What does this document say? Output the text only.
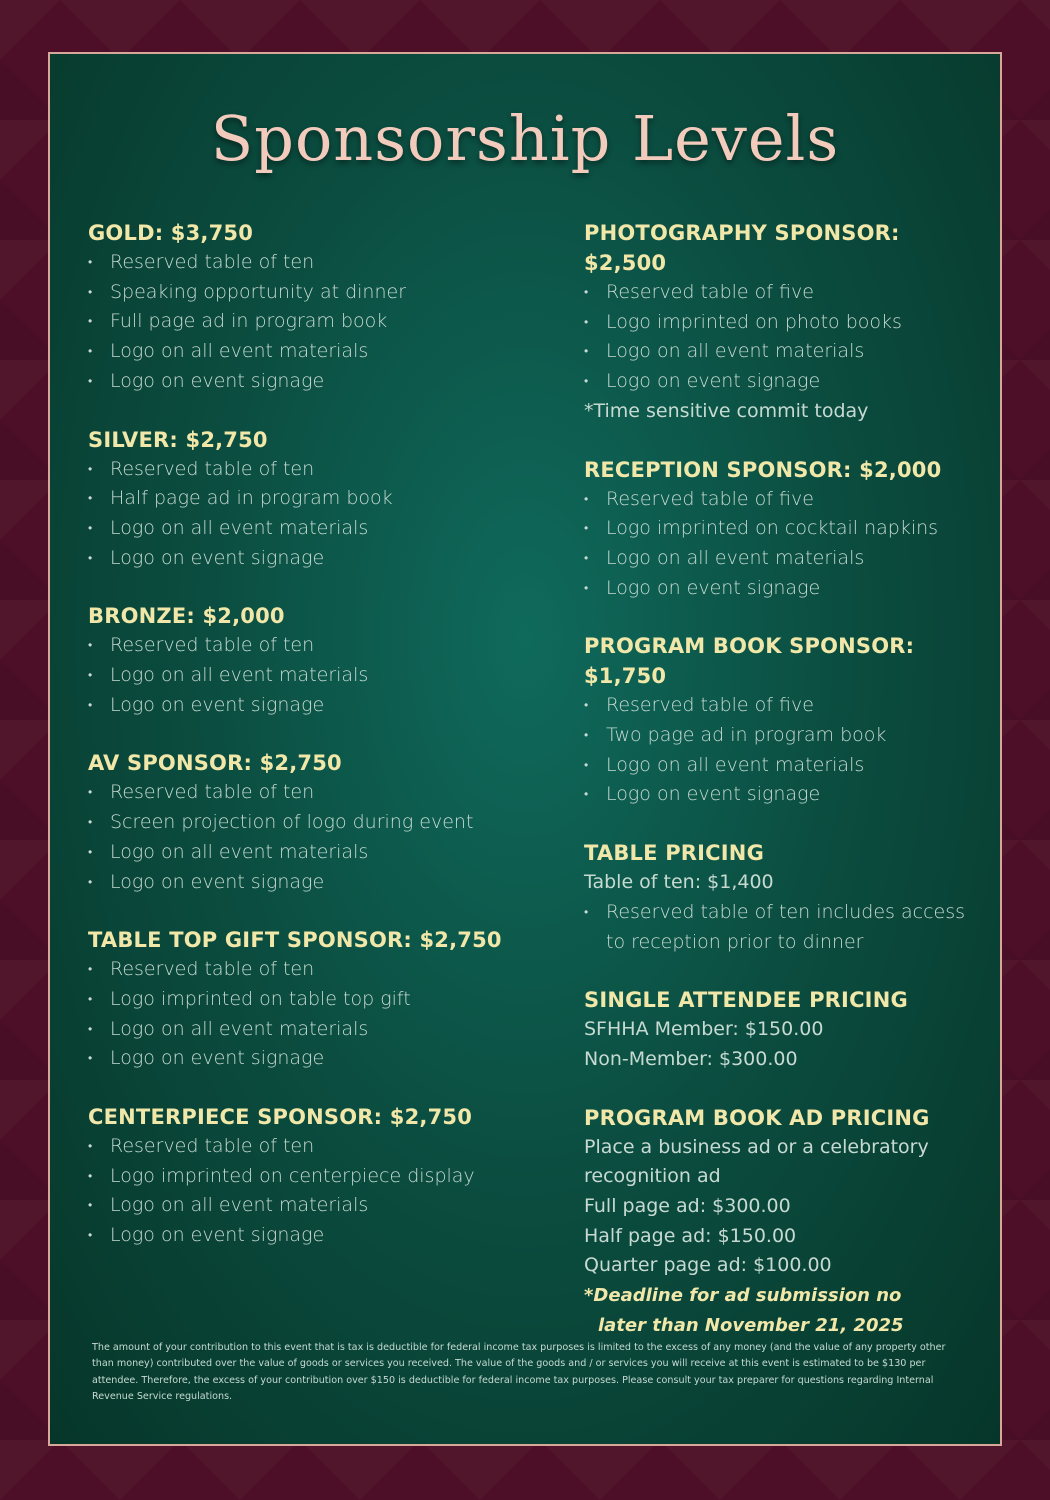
Sponsorship Levels
GOLD: $3,750
• Reserved table of ten
• Speaking opportunity at dinner
• Full page ad in program book
• Logo on all event materials
• Logo on event signage
SILVER: $2,750
• Reserved table of ten
• Half page ad in program book
• Logo on all event materials
• Logo on event signage
BRONZE: $2,000
• Reserved table of ten
• Logo on all event materials
• Logo on event signage
AV SPONSOR: $2,750
• Reserved table of ten
• Screen projection of logo during event
• Logo on all event materials
• Logo on event signage
TABLE TOP GIFT SPONSOR: $2,750
• Reserved table of ten
• Logo imprinted on table top gift
• Logo on all event materials
• Logo on event signage
CENTERPIECE SPONSOR: $2,750
• Reserved table of ten
• Logo imprinted on centerpiece display
• Logo on all event materials
• Logo on event signage
PHOTOGRAPHY SPONSOR: $2,500
• Reserved table of five
• Logo imprinted on photo books
• Logo on all event materials
• Logo on event signage
*Time sensitive commit today
RECEPTION SPONSOR: $2,000
• Reserved table of five
• Logo imprinted on cocktail napkins
• Logo on all event materials
• Logo on event signage
PROGRAM BOOK SPONSOR: $1,750
• Reserved table of five
• Two page ad in program book
• Logo on all event materials
• Logo on event signage
TABLE PRICING
Table of ten: $1,400
• Reserved table of ten includes access to reception prior to dinner
SINGLE ATTENDEE PRICING
SFHHA Member: $150.00
Non-Member: $300.00
PROGRAM BOOK AD PRICING
Place a business ad or a celebratory recognition ad
Full page ad: $300.00
Half page ad: $150.00
Quarter page ad: $100.00
*Deadline for ad submission no
later than November 21, 2025
The amount of your contribution to this event that is tax is deductible for federal income tax purposes is limited to the excess of any money (and the value of any property other than money) contributed over the value of goods or services you received. The value of the goods and / or services you will receive at this event is estimated to be $130 per attendee. Therefore, the excess of your contribution over $150 is deductible for federal income tax purposes. Please consult your tax preparer for questions regarding Internal Revenue Service regulations.
